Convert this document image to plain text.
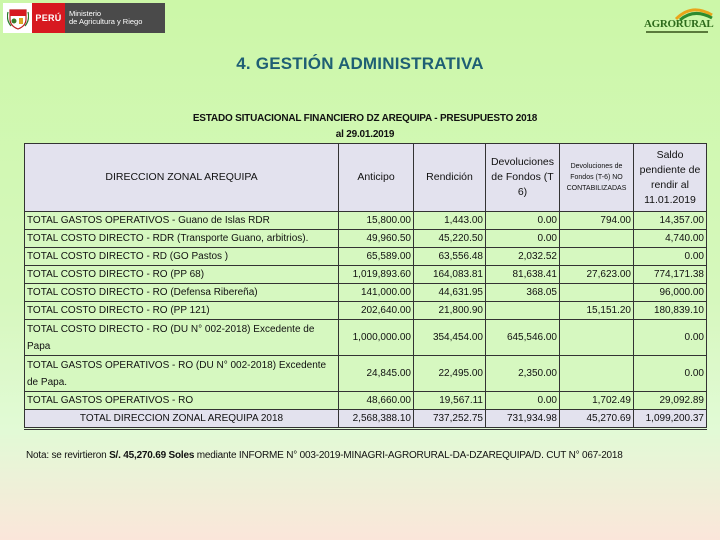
PERÚ Ministerio
de Agricultura y Riego	AGRORURAL
4. GESTIÓN ADMINISTRATIVA
ESTADO SITUACIONAL FINANCIERO DZ AREQUIPA - PRESUPUESTO 2018
al 29.01.2019
DIRECCION ZONAL AREQUIPA	Anticipo	Rendición	Devoluciones de Fondos (T 6)	Devoluciones de Fondos (T-6) NO CONTABILIZADAS	Saldo pendiente de rendir al 11.01.2019
TOTAL GASTOS OPERATIVOS - Guano de Islas RDR	15,800.00	1,443.00	0.00	794.00	14,357.00
TOTAL COSTO DIRECTO - RDR (Transporte Guano, arbitrios).	49,960.50	45,220.50	0.00		4,740.00
TOTAL COSTO DIRECTO - RD (GO Pastos )	65,589.00	63,556.48	2,032.52		0.00
TOTAL COSTO DIRECTO - RO (PP 68)	1,019,893.60	164,083.81	81,638.41	27,623.00	774,171.38
TOTAL COSTO DIRECTO - RO (Defensa Ribereña)	141,000.00	44,631.95	368.05		96,000.00
TOTAL COSTO DIRECTO - RO (PP 121)	202,640.00	21,800.90		15,151.20	180,839.10
TOTAL COSTO DIRECTO - RO (DU N° 002-2018) Excedente de Papa	1,000,000.00	354,454.00	645,546.00		0.00
TOTAL GASTOS OPERATIVOS - RO (DU N° 002-2018) Excedente de Papa.	24,845.00	22,495.00	2,350.00		0.00
TOTAL GASTOS OPERATIVOS - RO	48,660.00	19,567.11	0.00	1,702.49	29,092.89
TOTAL DIRECCION ZONAL AREQUIPA 2018	2,568,388.10	737,252.75	731,934.98	45,270.69	1,099,200.37
Nota: se revirtieron S/. 45,270.69 Soles mediante INFORME N° 003-2019-MINAGRI-AGRORURAL-DA-DZAREQUIPA/D. CUT N° 067-2018
